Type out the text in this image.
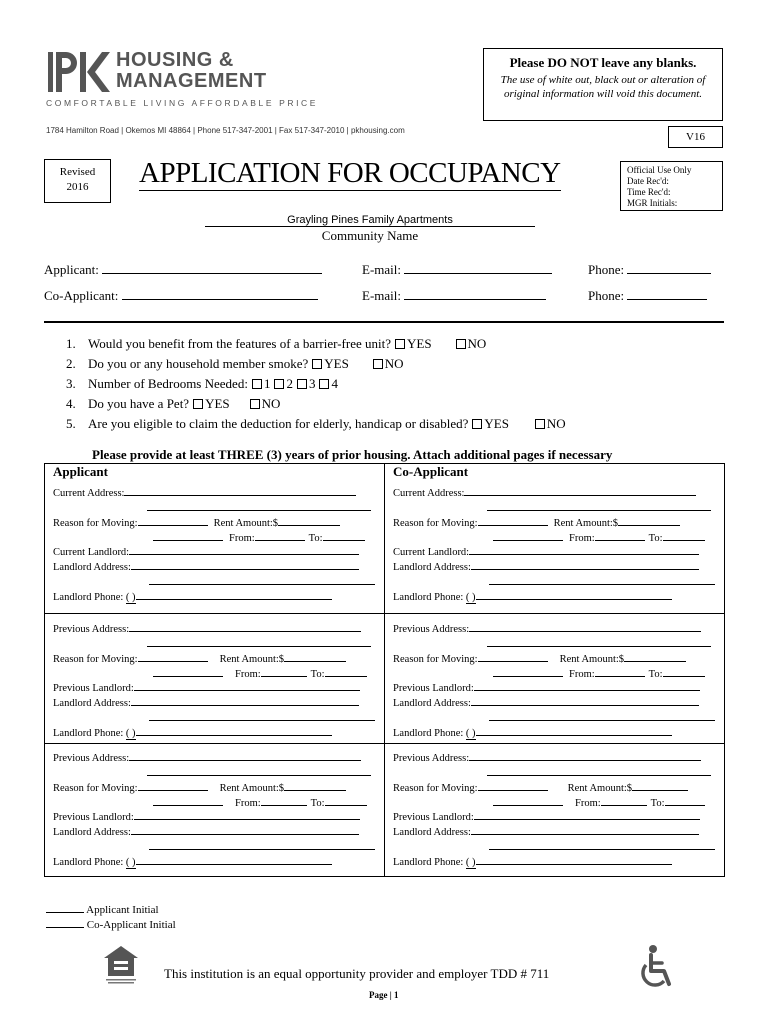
HOUSING &
MANAGEMENT
COMFORTABLE LIVING AFFORDABLE PRICE
1784 Hamilton Road | Okemos MI 48864 | Phone 517-347-2001 | Fax 517-347-2010 | pkhousing.com
Please DO NOT leave any blanks.
The use of white out, black out or alteration of original information will void this document.
V16
Revised
2016	APPLICATION FOR OCCUPANCY	Official Use Only
Date Rec'd:
Time Rec'd:
MGR Initials:
Grayling Pines Family Apartments
Community Name
Applicant:	E-mail:	Phone:
Co-Applicant:	E-mail:	Phone:
1. Would you benefit from the features of a barrier-free unit? YES	NO
2. Do you or any household member smoke? YES	NO
3. Number of Bedrooms Needed: 1 2 3 4
4. Do you have a Pet? YES NO
5. Are you eligible to claim the deduction for elderly, handicap or disabled? YES	NO
Please provide at least THREE (3) years of prior housing. Attach additional pages if necessary
Applicant
Current Address:
Reason for Moving:	Rent Amount:$
From:	To:
Current Landlord:
Landlord Address:
Landlord Phone: ( )
Co-Applicant
Current Address:
Reason for Moving:	Rent Amount:$
From:	To:
Current Landlord:
Landlord Address:
Landlord Phone: ( )
Previous Address:
Reason for Moving:	Rent Amount:$
From:	To:
Previous Landlord:
Landlord Address:
Landlord Phone: ( )
Previous Address:
Reason for Moving:	Rent Amount:$
From:	To:
Previous Landlord:
Landlord Address:
Landlord Phone: ( )
Previous Address:
Reason for Moving:	Rent Amount:$
From:	To:
Previous Landlord:
Landlord Address:
Landlord Phone: ( )
Previous Address:
Reason for Moving:	Rent Amount:$
From:	To:
Previous Landlord:
Landlord Address:
Landlord Phone: ( )
Applicant Initial
Co-Applicant Initial
This institution is an equal opportunity provider and employer TDD # 711
Page | 1
